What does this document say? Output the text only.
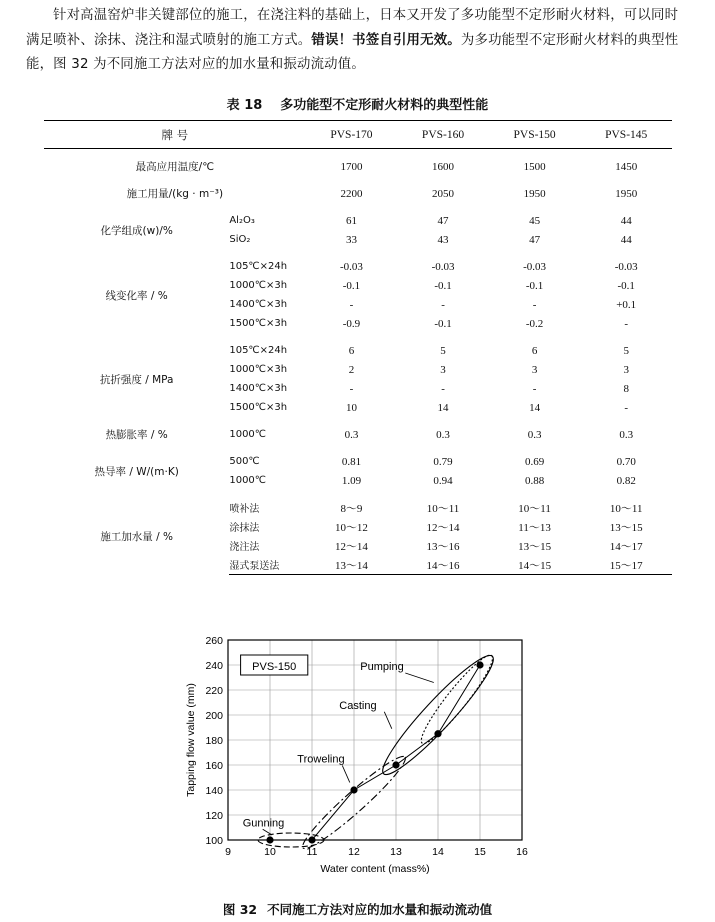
针对高温窑炉非关键部位的施工，在浇注料的基础上，日本又开发了多功能型不定形耐火材料，可以同时满足喷补、涂抹、浇注和湿式喷射的施工方式。错误！书签自引用无效。为多功能型不定形耐火材料的典型性能，图 32 为不同施工方法对应的加水量和振动流动值。
表 18 多功能型不定形耐火材料的典型性能
牌 号		PVS-170	PVS-160	PVS-150	PVS-145

最高应用温度/℃		1700	1600	1500	1450

施工用量/(kg · m⁻³)		2200	2050	1950	1950

化学组成(w)/%	Al₂O₃	61	47	45	44
	SiO₂	33	43	47	44

线变化率 / %	105℃×24h	-0.03	-0.03	-0.03	-0.03
	1000℃×3h	-0.1	-0.1	-0.1	-0.1
	1400℃×3h	-	-	-	+0.1
	1500℃×3h	-0.9	-0.1	-0.2	-

抗折强度 / MPa	105℃×24h	6	5	6	5
	1000℃×3h	2	3	3	3
	1400℃×3h	-	-	-	8
	1500℃×3h	10	14	14	-

热膨胀率 / %	1000℃	0.3	0.3	0.3	0.3

热导率 / W/(m·K)	500℃	0.81	0.79	0.69	0.70
	1000℃	1.09	0.94	0.88	0.82

施工加水量 / %	喷补法	8～9	10～11	10～11	10～11
	涂抹法	10～12	12～14	11～13	13～15
	浇注法	12～14	13～16	13～15	14～17
	湿式泵送法	13～14	14～16	14～15	15～17
9	10	11	12	13	14	15	16
100
120
140
160
180
200
220
240
260
Water content (mass%)
Tapping flow value (mm)
PVS-150
Gunning
Troweling
Casting
Pumping
图 32 不同施工方法对应的加水量和振动流动值
